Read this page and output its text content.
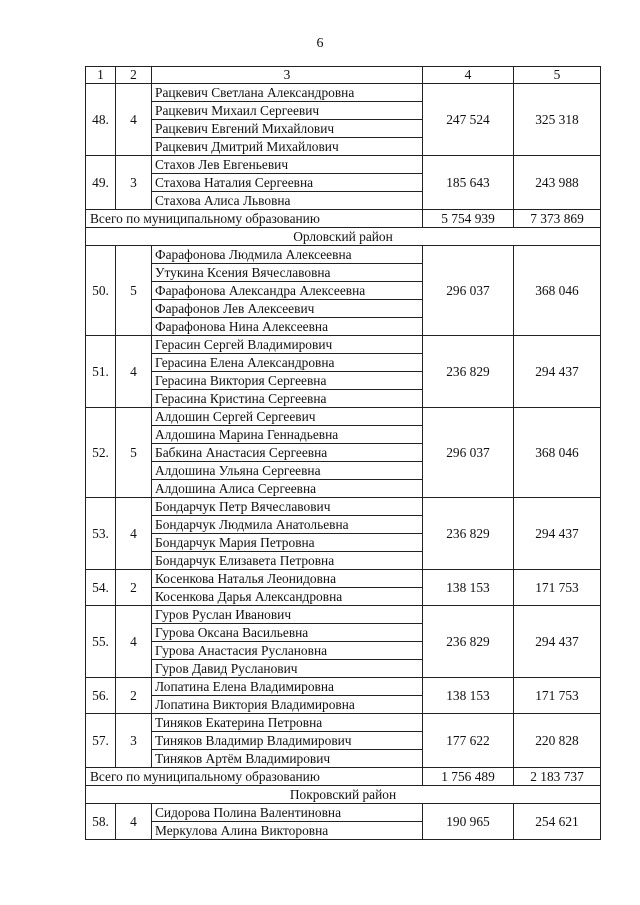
6
1	2	3	4	5
48.	4	Рацкевич Светлана Александровна	247 524	325 318
		Рацкевич Михаил Сергеевич		
		Рацкевич Евгений Михайлович		
		Рацкевич Дмитрий Михайлович		
49.	3	Стахов Лев Евгеньевич	185 643	243 988
		Стахова Наталия Сергеевна		
		Стахова Алиса Львовна		
Всего по муниципальному образованию			5 754 939	7 373 869
Орловский район				
50.	5	Фарафонова Людмила Алексеевна	296 037	368 046
		Утукина Ксения Вячеславовна		
		Фарафонова Александра Алексеевна		
		Фарафонов Лев Алексеевич		
		Фарафонова Нина Алексеевна		
51.	4	Герасин Сергей Владимирович	236 829	294 437
		Герасина Елена Александровна		
		Герасина Виктория Сергеевна		
		Герасина Кристина Сергеевна		
52.	5	Алдошин Сергей Сергеевич	296 037	368 046
		Алдошина Марина Геннадьевна		
		Бабкина Анастасия Сергеевна		
		Алдошина Ульяна Сергеевна		
		Алдошина Алиса Сергеевна		
53.	4	Бондарчук Петр Вячеславович	236 829	294 437
		Бондарчук Людмила Анатольевна		
		Бондарчук Мария Петровна		
		Бондарчук Елизавета Петровна		
54.	2	Косенкова Наталья Леонидовна	138 153	171 753
		Косенкова Дарья Александровна		
55.	4	Гуров Руслан Иванович	236 829	294 437
		Гурова Оксана Васильевна		
		Гурова Анастасия Руслановна		
		Гуров Давид Русланович		
56.	2	Лопатина Елена Владимировна	138 153	171 753
		Лопатина Виктория Владимировна		
57.	3	Тиняков Екатерина Петровна	177 622	220 828
		Тиняков Владимир Владимирович		
		Тиняков Артём Владимирович		
Всего по муниципальному образованию			1 756 489	2 183 737
Покровский район				
58.	4	Сидорова Полина Валентиновна	190 965	254 621
		Меркулова Алина Викторовна		
